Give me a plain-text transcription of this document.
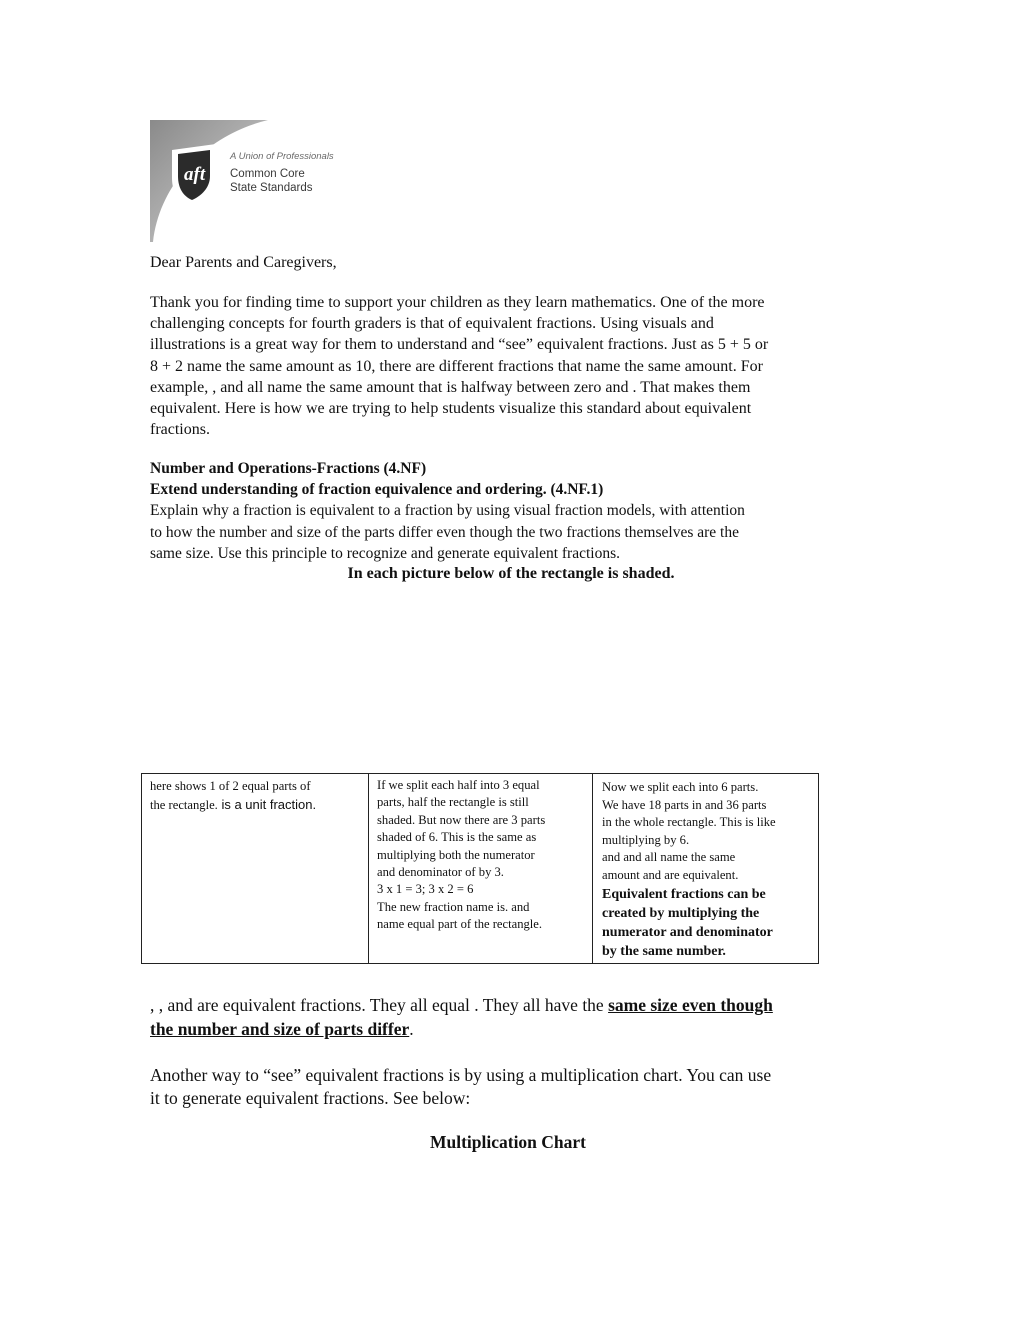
aft
A Union of Professionals
Common Core
State Standards
Dear Parents and Caregivers,
Thank you for finding time to support your children as they learn mathematics. One of the more
challenging concepts for fourth graders is that of equivalent fractions. Using visuals and
illustrations is a great way for them to understand and “see” equivalent fractions. Just as 5 + 5 or
8 + 2 name the same amount as 10, there are different fractions that name the same amount. For
example, , and all name the same amount that is halfway between zero and . That makes them
equivalent. Here is how we are trying to help students visualize this standard about equivalent
fractions.
Number and Operations-Fractions (4.NF)
Extend understanding of fraction equivalence and ordering. (4.NF.1)
Explain why a fraction is equivalent to a fraction by using visual fraction models, with attention
to how the number and size of the parts differ even though the two fractions themselves are the
same size. Use this principle to recognize and generate equivalent fractions.
In each picture below of the rectangle is shaded.
here shows 1 of 2 equal parts of
the rectangle. is a unit fraction.
If we split each half into 3 equal
parts, half the rectangle is still
shaded. But now there are 3 parts
shaded of 6. This is the same as
multiplying both the numerator
and denominator of by 3.
3 x 1 = 3; 3 x 2 = 6
The new fraction name is. and
name equal part of the rectangle.
Now we split each into 6 parts.
We have 18 parts in and 36 parts
in the whole rectangle. This is like
multiplying by 6.
and and all name the same
amount and are equivalent.
Equivalent fractions can be
created by multiplying the
numerator and denominator
by the same number.
, , and are equivalent fractions. They all equal . They all have the same size even though
the number and size of parts differ.
Another way to “see” equivalent fractions is by using a multiplication chart. You can use
it to generate equivalent fractions. See below:
Multiplication Chart
